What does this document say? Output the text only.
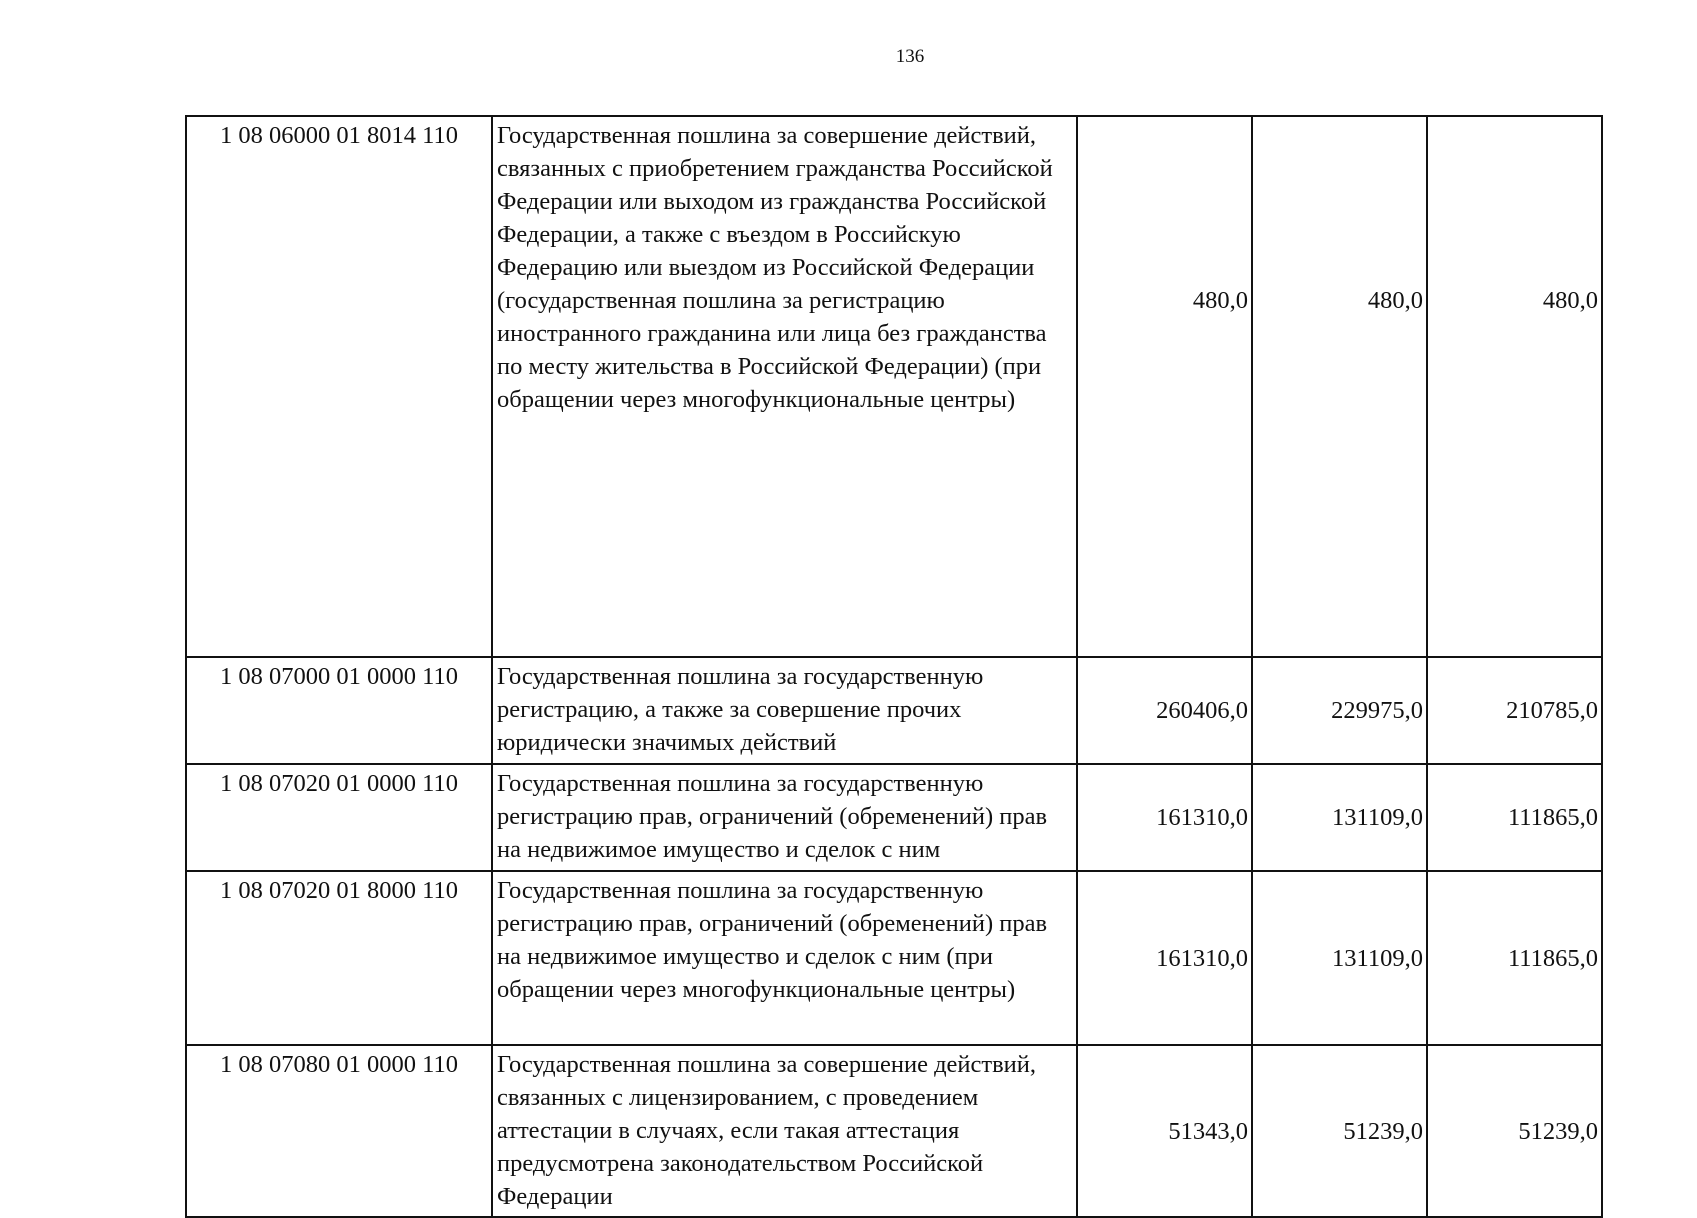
136
1 08 06000 01 8014 110	Государственная пошлина за совершение действий, связанных с приобретением гражданства Российской Федерации или выходом из гражданства Российской Федерации, а также с въездом в Российскую Федерацию или выездом из Российской Федерации (государственная пошлина за регистрацию иностранного гражданина или лица без гражданства по месту жительства в Российской Федерации) (при обращении через многофункциональные центры)	480,0	480,0	480,0
1 08 07000 01 0000 110	Государственная пошлина за государственную регистрацию, а также за совершение прочих юридически значимых действий	260406,0	229975,0	210785,0
1 08 07020 01 0000 110	Государственная пошлина за государственную регистрацию прав, ограничений (обременений) прав на недвижимое имущество и сделок с ним	161310,0	131109,0	111865,0
1 08 07020 01 8000 110	Государственная пошлина за государственную регистрацию прав, ограничений (обременений) прав на недвижимое имущество и сделок с ним (при обращении через многофункциональные центры)	161310,0	131109,0	111865,0
1 08 07080 01 0000 110	Государственная пошлина за совершение действий, связанных с лицензированием, с проведением аттестации в случаях, если такая аттестация предусмотрена законодательством Российской Федерации	51343,0	51239,0	51239,0
